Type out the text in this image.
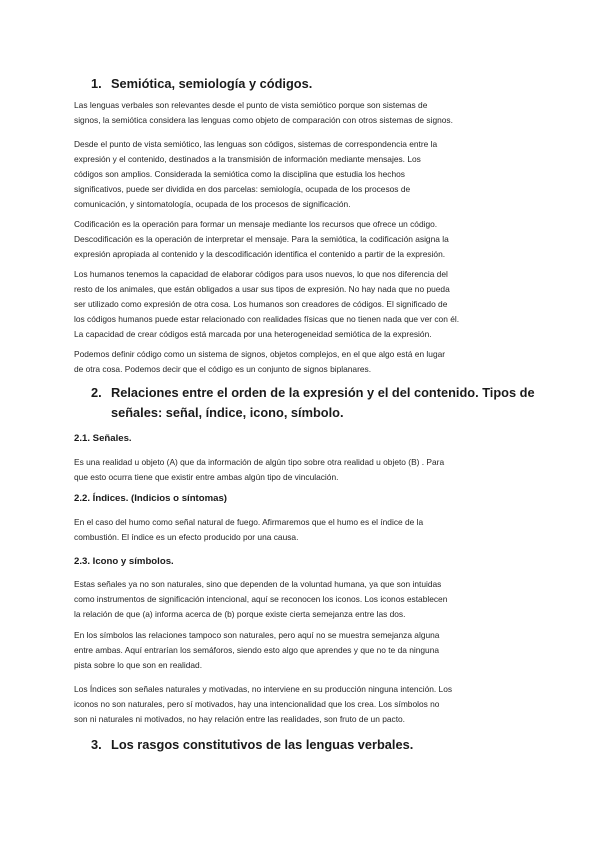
1. Semiótica, semiología y códigos.
Las lenguas verbales son relevantes desde el punto de vista semiótico porque son sistemas de
signos, la semiótica considera las lenguas como objeto de comparación con otros sistemas de signos.
Desde el punto de vista semiótico, las lenguas son códigos, sistemas de correspondencia entre la
expresión y el contenido, destinados a la transmisión de información mediante mensajes. Los
códigos son amplios. Considerada la semiótica como la disciplina que estudia los hechos
significativos, puede ser dividida en dos parcelas: semiología, ocupada de los procesos de
comunicación, y sintomatología, ocupada de los procesos de significación.
Codificación es la operación para formar un mensaje mediante los recursos que ofrece un código.
Descodificación es la operación de interpretar el mensaje. Para la semiótica, la codificación asigna la
expresión apropiada al contenido y la descodificación identifica el contenido a partir de la expresión.
Los humanos tenemos la capacidad de elaborar códigos para usos nuevos, lo que nos diferencia del
resto de los animales, que están obligados a usar sus tipos de expresión. No hay nada que no pueda
ser utilizado como expresión de otra cosa. Los humanos son creadores de códigos. El significado de
los códigos humanos puede estar relacionado con realidades físicas que no tienen nada que ver con él.
La capacidad de crear códigos está marcada por una heterogeneidad semiótica de la expresión.
Podemos definir código como un sistema de signos, objetos complejos, en el que algo está en lugar
de otra cosa. Podemos decir que el código es un conjunto de signos biplanares.
2. Relaciones entre el orden de la expresión y el del contenido. Tipos de
señales: señal, índice, icono, símbolo.
2.1. Señales.
Es una realidad u objeto (A) que da información de algún tipo sobre otra realidad u objeto (B) . Para
que esto ocurra tiene que existir entre ambas algún tipo de vinculación.
2.2. Índices. (Indicios o síntomas)
En el caso del humo como señal natural de fuego. Afirmaremos que el humo es el índice de la
combustión. El índice es un efecto producido por una causa.
2.3. Icono y símbolos.
Estas señales ya no son naturales, sino que dependen de la voluntad humana, ya que son intuidas
como instrumentos de significación intencional, aquí se reconocen los iconos. Los iconos establecen
la relación de que (a) informa acerca de (b) porque existe cierta semejanza entre las dos.
En los símbolos las relaciones tampoco son naturales, pero aquí no se muestra semejanza alguna
entre ambas. Aquí entrarían los semáforos, siendo esto algo que aprendes y que no te da ninguna
pista sobre lo que son en realidad.
Los Índices son señales naturales y motivadas, no interviene en su producción ninguna intención. Los
iconos no son naturales, pero sí motivados, hay una intencionalidad que los crea. Los símbolos no
son ni naturales ni motivados, no hay relación entre las realidades, son fruto de un pacto.
3. Los rasgos constitutivos de las lenguas verbales.
